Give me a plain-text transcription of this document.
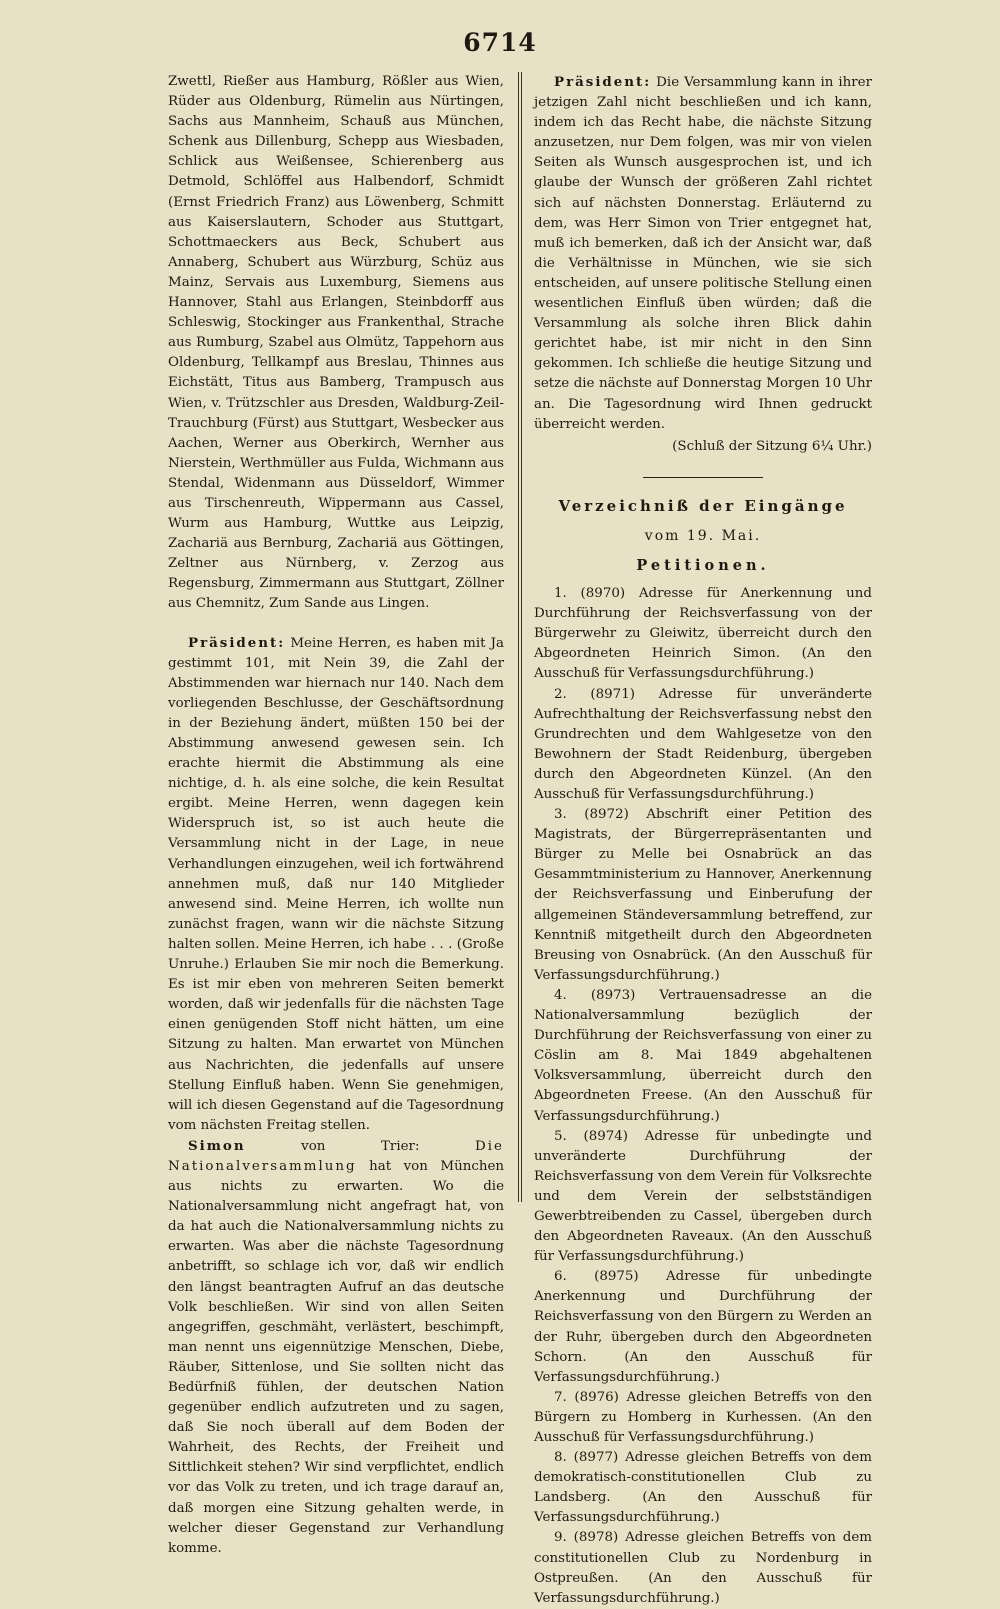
6714

Zwettl, Rießer aus Hamburg, Rößler aus Wien, Rüder aus Oldenburg, Rümelin aus Nürtingen, Sachs aus Mannheim, Schauß aus München, Schenk aus Dillenburg, Schepp aus Wiesbaden, Schlick aus Weißensee, Schierenberg aus Detmold, Schlöffel aus Halbendorf, Schmidt (Ernst Friedrich Franz) aus Löwenberg, Schmitt aus Kaiserslautern, Schoder aus Stuttgart, Schottmaeckers aus Beck, Schubert aus Annaberg, Schubert aus Würzburg, Schüz aus Mainz, Servais aus Luxemburg, Siemens aus Hannover, Stahl aus Erlangen, Steinbdorff aus Schleswig, Stockinger aus Frankenthal, Strache aus Rumburg, Szabel aus Olmütz, Tappehorn aus Oldenburg, Tellkampf aus Breslau, Thinnes aus Eichstätt, Titus aus Bamberg, Trampusch aus Wien, v. Trützschler aus Dresden, Waldburg-Zeil-Trauchburg (Fürst) aus Stuttgart, Wesbecker aus Aachen, Werner aus Oberkirch, Wernher aus Nierstein, Werthmüller aus Fulda, Wichmann aus Stendal, Widenmann aus Düsseldorf, Wimmer aus Tirschenreuth, Wippermann aus Cassel, Wurm aus Hamburg, Wuttke aus Leipzig, Zachariä aus Bernburg, Zachariä aus Göttingen, Zeltner aus Nürnberg, v. Zerzog aus Regensburg, Zimmermann aus Stuttgart, Zöllner aus Chemnitz, Zum Sande aus Lingen.

Präsident: Meine Herren, es haben mit Ja gestimmt 101, mit Nein 39, die Zahl der Abstimmenden war hiernach nur 140. Nach dem vorliegenden Beschlusse, der Geschäftsordnung in der Beziehung ändert, müßten 150 bei der Abstimmung anwesend gewesen sein. Ich erachte hiermit die Abstimmung als eine nichtige, d. h. als eine solche, die kein Resultat ergibt. Meine Herren, wenn dagegen kein Widerspruch ist, so ist auch heute die Versammlung nicht in der Lage, in neue Verhandlungen einzugehen, weil ich fortwährend annehmen muß, daß nur 140 Mitglieder anwesend sind. Meine Herren, ich wollte nun zunächst fragen, wann wir die nächste Sitzung halten sollen. Meine Herren, ich habe . . . (Große Unruhe.) Erlauben Sie mir noch die Bemerkung. Es ist mir eben von mehreren Seiten bemerkt worden, daß wir jedenfalls für die nächsten Tage einen genügenden Stoff nicht hätten, um eine Sitzung zu halten. Man erwartet von München aus Nachrichten, die jedenfalls auf unsere Stellung Einfluß haben. Wenn Sie genehmigen, will ich diesen Gegenstand auf die Tagesordnung vom nächsten Freitag stellen.

Simon	von Trier:	Die Nationalversammlung hat von München aus nichts zu erwarten. Wo die Nationalversammlung nicht angefragt hat, von da hat auch die Nationalversammlung nichts zu erwarten. Was aber die nächste Tagesordnung anbetrifft, so schlage ich vor, daß wir endlich den längst beantragten Aufruf an das deutsche Volk beschließen. Wir sind von allen Seiten angegriffen, geschmäht, verlästert, beschimpft, man nennt uns eigennützige Menschen, Diebe, Räuber, Sittenlose, und Sie sollten nicht das Bedürfniß fühlen, der deutschen Nation gegenüber endlich aufzutreten und zu sagen, daß Sie noch überall auf dem Boden der Wahrheit, des Rechts, der Freiheit und Sittlichkeit stehen? Wir sind verpflichtet, endlich vor das Volk zu treten, und ich trage darauf an, daß morgen eine Sitzung gehalten werde, in welcher dieser Gegenstand zur Verhandlung komme.

Präsident: Die Versammlung kann in ihrer jetzigen Zahl nicht beschließen und ich kann, indem ich das Recht habe, die nächste Sitzung anzusetzen, nur Dem folgen, was mir von vielen Seiten als Wunsch ausgesprochen ist, und ich glaube der Wunsch der größeren Zahl richtet sich auf nächsten Donnerstag. Erläuternd zu dem, was Herr Simon von Trier entgegnet hat, muß ich bemerken, daß ich der Ansicht war, daß die Verhältnisse in München, wie sie sich entscheiden, auf unsere politische Stellung einen wesentlichen Einfluß üben würden; daß die Versammlung als solche ihren Blick dahin gerichtet habe, ist mir nicht in den Sinn gekommen. Ich schließe die heutige Sitzung und setze die nächste auf Donnerstag Morgen 10 Uhr an. Die Tagesordnung wird Ihnen gedruckt überreicht werden.

(Schluß der Sitzung 6¼ Uhr.)

Verzeichniß der Eingänge
vom 19. Mai.
Petitionen.

1. (8970) Adresse für Anerkennung und Durchführung der Reichsverfassung von der Bürgerwehr zu Gleiwitz, überreicht durch den Abgeordneten Heinrich Simon. (An den Ausschuß für Verfassungsdurchführung.)

2. (8971) Adresse für unveränderte Aufrechthaltung der Reichsverfassung nebst den Grundrechten und dem Wahlgesetze von den Bewohnern der Stadt Reidenburg, übergeben durch den Abgeordneten Künzel. (An den Ausschuß für Verfassungsdurchführung.)

3. (8972) Abschrift einer Petition des Magistrats, der Bürgerrepräsentanten und Bürger zu Melle bei Osnabrück an das Gesammtministerium zu Hannover, Anerkennung der Reichsverfassung und Einberufung der allgemeinen Ständeversammlung betreffend, zur Kenntniß mitgetheilt durch den Abgeordneten Breusing von Osnabrück. (An den Ausschuß für Verfassungsdurchführung.)

4. (8973) Vertrauensadresse an die Nationalversammlung bezüglich der Durchführung der Reichsverfassung von einer zu Cöslin am 8. Mai 1849 abgehaltenen Volksversammlung, überreicht durch den Abgeordneten Freese. (An den Ausschuß für Verfassungsdurchführung.)

5. (8974) Adresse für unbedingte und unveränderte Durchführung der Reichsverfassung von dem Verein für Volksrechte und dem Verein der selbstständigen Gewerbtreibenden zu Cassel, übergeben durch den Abgeordneten Raveaux. (An den Ausschuß für Verfassungsdurchführung.)

6. (8975) Adresse für unbedingte Anerkennung und Durchführung der Reichsverfassung von den Bürgern zu Werden an der Ruhr, übergeben durch den Abgeordneten Schorn. (An den Ausschuß für Verfassungsdurchführung.)

7. (8976) Adresse gleichen Betreffs von den Bürgern zu Homberg in Kurhessen. (An den Ausschuß für Verfassungsdurchführung.)

8. (8977) Adresse gleichen Betreffs von dem demokratisch-constitutionellen Club zu Landsberg. (An den Ausschuß für Verfassungsdurchführung.)

9. (8978) Adresse gleichen Betreffs von dem constitutionellen Club zu Nordenburg in Ostpreußen. (An den Ausschuß für Verfassungsdurchführung.)
